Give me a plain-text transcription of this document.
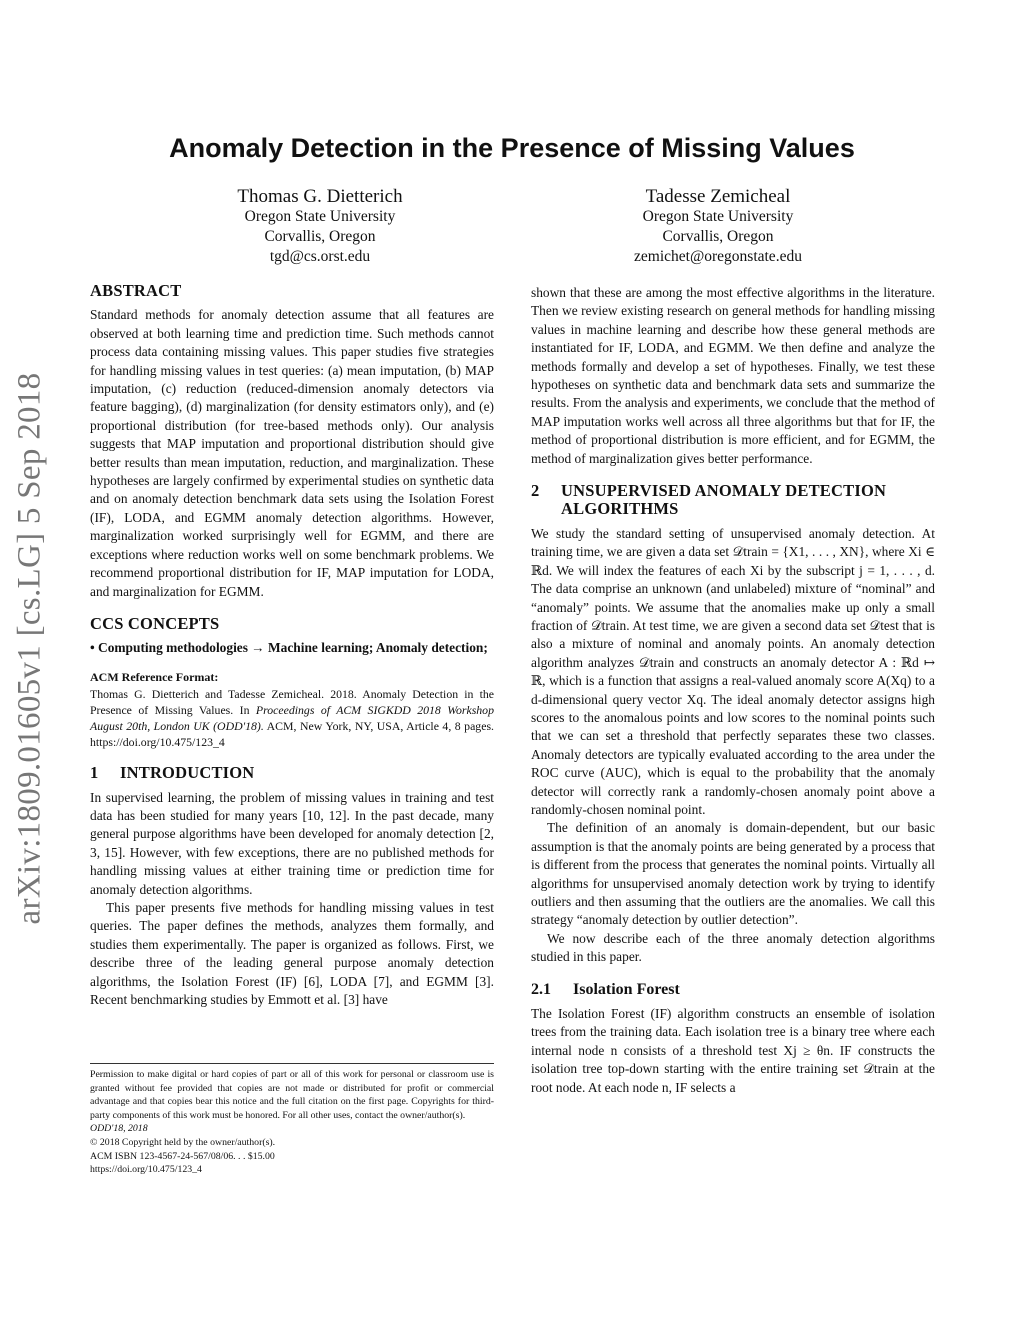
arXiv:1809.01605v1 [cs.LG] 5 Sep 2018
Anomaly Detection in the Presence of Missing Values
Thomas G. Dietterich
Oregon State University
Corvallis, Oregon
tgd@cs.orst.edu
Tadesse Zemicheal
Oregon State University
Corvallis, Oregon
zemichet@oregonstate.edu
ABSTRACT

Standard methods for anomaly detection assume that all features are observed at both learning time and prediction time. Such methods cannot process data containing missing values. This paper studies five strategies for handling missing values in test queries: (a) mean imputation, (b) MAP imputation, (c) reduction (reduced-dimension anomaly detectors via feature bagging), (d) marginalization (for density estimators only), and (e) proportional distribution (for tree-based methods only). Our analysis suggests that MAP imputation and proportional distribution should give better results than mean imputation, reduction, and marginalization. These hypotheses are largely confirmed by experimental studies on synthetic data and on anomaly detection benchmark data sets using the Isolation Forest (IF), LODA, and EGMM anomaly detection algorithms. However, marginalization worked surprisingly well for EGMM, and there are exceptions where reduction works well on some benchmark problems. We recommend proportional distribution for IF, MAP imputation for LODA, and marginalization for EGMM.

CCS CONCEPTS

• Computing methodologies → Machine learning; Anomaly detection;

ACM Reference Format:

Thomas G. Dietterich and Tadesse Zemicheal. 2018. Anomaly Detection in the Presence of Missing Values. In Proceedings of ACM SIGKDD 2018 Workshop August 20th, London UK (ODD'18). ACM, New York, NY, USA, Article 4, 8 pages. https://doi.org/10.475/123_4

1 INTRODUCTION

In supervised learning, the problem of missing values in training and test data has been studied for many years [10, 12]. In the past decade, many general purpose algorithms have been developed for anomaly detection [2, 3, 15]. However, with few exceptions, there are no published methods for handling missing values at either training time or prediction time for anomaly detection algorithms.

This paper presents five methods for handling missing values in test queries. The paper defines the methods, analyzes them formally, and studies them experimentally. The paper is organized as follows. First, we describe three of the leading general purpose anomaly detection algorithms, the Isolation Forest (IF) [6], LODA [7], and EGMM [3]. Recent benchmarking studies by Emmott et al. [3] have

Permission to make digital or hard copies of part or all of this work for personal or classroom use is granted without fee provided that copies are not made or distributed for profit or commercial advantage and that copies bear this notice and the full citation on the first page. Copyrights for third-party components of this work must be honored. For all other uses, contact the owner/author(s).

ODD'18, 2018
© 2018 Copyright held by the owner/author(s).
ACM ISBN 123-4567-24-567/08/06. . . $15.00
https://doi.org/10.475/123_4

shown that these are among the most effective algorithms in the literature. Then we review existing research on general methods for handling missing values in machine learning and describe how these general methods are instantiated for IF, LODA, and EGMM. We then define and analyze the methods formally and develop a set of hypotheses. Finally, we test these hypotheses on synthetic data and benchmark data sets and summarize the results. From the analysis and experiments, we conclude that the method of MAP imputation works well across all three algorithms but that for IF, the method of proportional distribution is more efficient, and for EGMM, the method of marginalization gives better performance.

2	UNSUPERVISED ANOMALY DETECTION
ALGORITHMS

We study the standard setting of unsupervised anomaly detection. At training time, we are given a data set 𝒟train = {X1, . . . , XN}, where Xi ∈ ℝd. We will index the features of each Xi by the subscript j = 1, . . . , d. The data comprise an unknown (and unlabeled) mixture of “nominal” and “anomaly” points. We assume that the anomalies make up only a small fraction of 𝒟train. At test time, we are given a second data set 𝒟test that is also a mixture of nominal and anomaly points. An anomaly detection algorithm analyzes 𝒟train and constructs an anomaly detector A : ℝd ↦ ℝ, which is a function that assigns a real-valued anomaly score A(Xq) to a d-dimensional query vector Xq. The ideal anomaly detector assigns high scores to the anomalous points and low scores to the nominal points such that we can set a threshold that perfectly separates these two classes. Anomaly detectors are typically evaluated according to the area under the ROC curve (AUC), which is equal to the probability that the anomaly detector will correctly rank a randomly-chosen anomaly point above a randomly-chosen nominal point.

The definition of an anomaly is domain-dependent, but our basic assumption is that the anomaly points are being generated by a process that is different from the process that generates the nominal points. Virtually all algorithms for unsupervised anomaly detection work by trying to identify outliers and then assuming that the outliers are the anomalies. We call this strategy “anomaly detection by outlier detection”.

We now describe each of the three anomaly detection algorithms studied in this paper.

2.1 Isolation Forest

The Isolation Forest (IF) algorithm constructs an ensemble of isolation trees from the training data. Each isolation tree is a binary tree where each internal node n consists of a threshold test Xj ≥ θn. IF constructs the isolation tree top-down starting with the entire training set 𝒟train at the root node. At each node n, IF selects a
